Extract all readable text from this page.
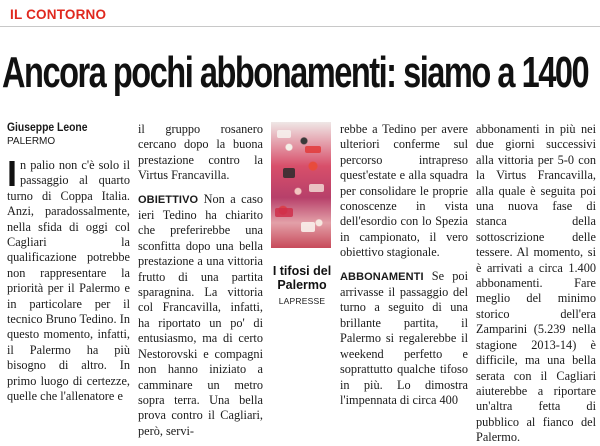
IL CONTORNO
Ancora pochi abbonamenti: siamo a 1400
Giuseppe Leone
PALERMO

In palio non c'è solo il passaggio al quarto turno di Coppa Italia. Anzi, paradossalmente, nella sfida di oggi col Cagliari la qualificazione potrebbe non rappresentare la priorità per il Palermo e in particolare per il tecnico Bruno Tedino. In questo momento, infatti, il Palermo ha più bisogno di altro. In primo luogo di certezze, quelle che l'allenatore e

il gruppo rosanero cercano dopo la buona prestazione contro la Virtus Francavilla.

OBIETTIVO Non a caso ieri Tedino ha chiarito che preferirebbe una sconfitta dopo una bella prestazione a una vittoria frutto di una partita sparagnina. La vittoria col Francavilla, infatti, ha riportato un po' di entusiasmo, ma di certo Nestorovski e compagni non hanno iniziato a camminare un metro sopra terra. Una bella prova contro il Cagliari, però, servi-

I tifosi del Palermo
LAPRESSE

rebbe a Tedino per avere ulteriori conferme sul percorso intrapreso quest'estate e alla squadra per consolidare le proprie conoscenze in vista dell'esordio con lo Spezia in campionato, il vero obiettivo stagionale.

ABBONAMENTI Se poi arrivasse il passaggio del turno a seguito di una brillante partita, il Palermo si regalerebbe il weekend perfetto e soprattutto qualche tifoso in più. Lo dimostra l'impennata di circa 400

abbonamenti in più nei due giorni successivi alla vittoria per 5-0 con la Virtus Francavilla, alla quale è seguita poi una nuova fase di stanca della sottoscrizione delle tessere. Al momento, si è arrivati a circa 1.400 abbonamenti. Fare meglio del minimo storico dell'era Zamparini (5.239 nella stagione 2013-14) è difficile, ma una bella serata con il Cagliari aiuterebbe a riportare un'altra fetta di pubblico al fianco del Palermo.
